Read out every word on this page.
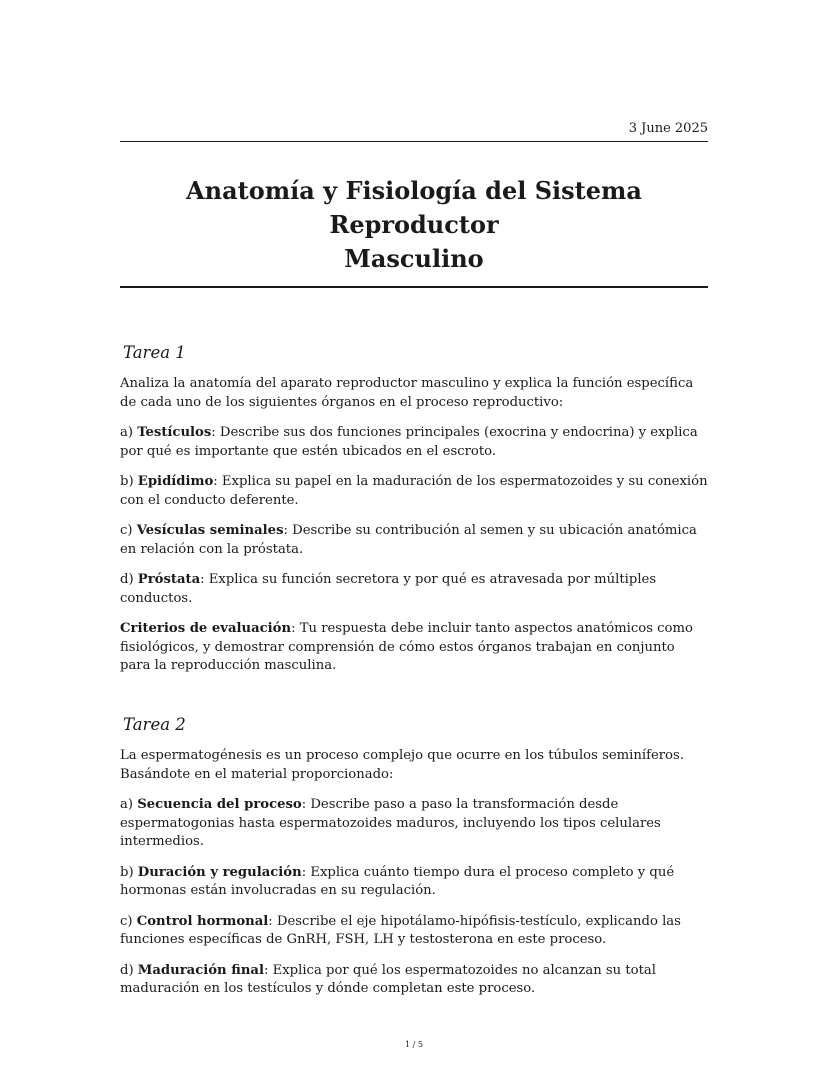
3 June 2025
Anatomía y Fisiología del Sistema Reproductor
Masculino
Tarea 1

Analiza la anatomía del aparato reproductor masculino y explica la función específica de cada uno de los siguientes órganos en el proceso reproductivo:

a) Testículos: Describe sus dos funciones principales (exocrina y endocrina) y explica por qué es importante que estén ubicados en el escroto.

b) Epidídimo: Explica su papel en la maduración de los espermatozoides y su conexión con el conducto deferente.

c) Vesículas seminales: Describe su contribución al semen y su ubicación anatómica en relación con la próstata.

d) Próstata: Explica su función secretora y por qué es atravesada por múltiples conductos.

Criterios de evaluación: Tu respuesta debe incluir tanto aspectos anatómicos como fisiológicos, y demostrar comprensión de cómo estos órganos trabajan en conjunto para la reproducción masculina.

Tarea 2

La espermatogénesis es un proceso complejo que ocurre en los túbulos seminíferos. Basándote en el material proporcionado:

a) Secuencia del proceso: Describe paso a paso la transformación desde espermatogonias hasta espermatozoides maduros, incluyendo los tipos celulares intermedios.

b) Duración y regulación: Explica cuánto tiempo dura el proceso completo y qué hormonas están involucradas en su regulación.

c) Control hormonal: Describe el eje hipotálamo-hipófisis-testículo, explicando las funciones específicas de GnRH, FSH, LH y testosterona en este proceso.

d) Maduración final: Explica por qué los espermatozoides no alcanzan su total maduración en los testículos y dónde completan este proceso.

1 / 5
